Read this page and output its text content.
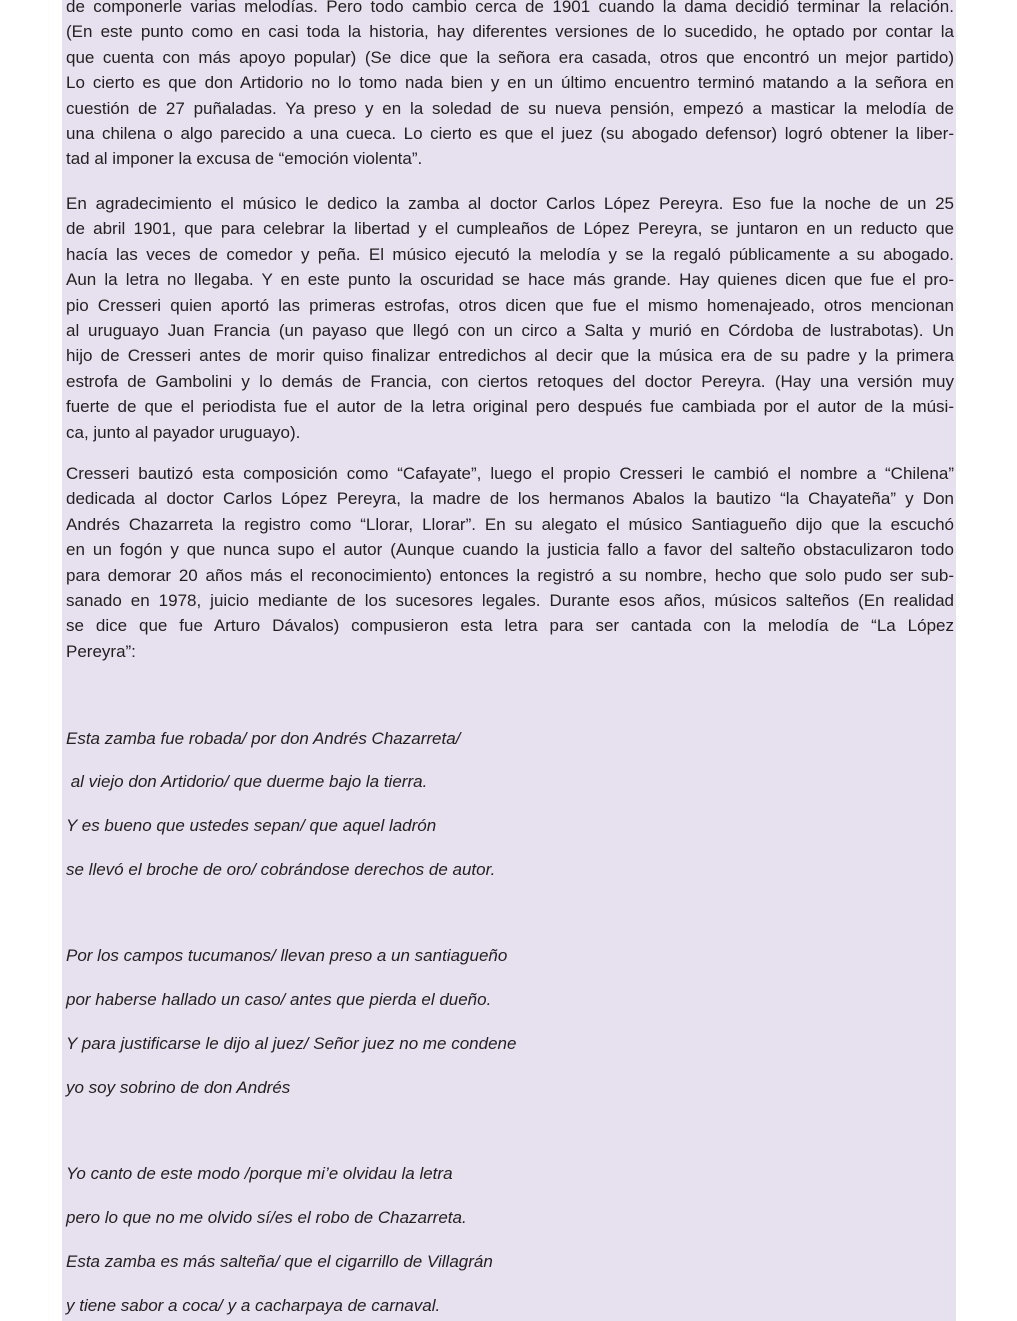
de componerle varias melodías. Pero todo cambio cerca de 1901 cuando la dama decidió terminar la relación.
(En este punto como en casi toda la historia, hay diferentes versiones de lo sucedido, he optado por contar la
que cuenta con más apoyo popular) (Se dice que la señora era casada, otros que encontró un mejor partido)
Lo cierto es que don Artidorio no lo tomo nada bien y en un último encuentro terminó matando a la señora en
cuestión de 27 puñaladas. Ya preso y en la soledad de su nueva pensión, empezó a masticar la melodía de
una chilena o algo parecido a una cueca. Lo cierto es que el juez (su abogado defensor) logró obtener la liber-
tad al imponer la excusa de “emoción violenta”.

En agradecimiento el músico le dedico la zamba al doctor Carlos López Pereyra. Eso fue la noche de un 25
de abril 1901, que para celebrar la libertad y el cumpleaños de López Pereyra, se juntaron en un reducto que
hacía las veces de comedor y peña. El músico ejecutó la melodía y se la regaló públicamente a su abogado.
Aun la letra no llegaba. Y en este punto la oscuridad se hace más grande. Hay quienes dicen que fue el pro-
pio Cresseri quien aportó las primeras estrofas, otros dicen que fue el mismo homenajeado, otros mencionan
al uruguayo Juan Francia (un payaso que llegó con un circo a Salta y murió en Córdoba de lustrabotas). Un
hijo de Cresseri antes de morir quiso finalizar entredichos al decir que la música era de su padre y la primera
estrofa de Gambolini y lo demás de Francia, con ciertos retoques del doctor Pereyra. (Hay una versión muy
fuerte de que el periodista fue el autor de la letra original pero después fue cambiada por el autor de la músi-
ca, junto al payador uruguayo).

Cresseri bautizó esta composición como “Cafayate”, luego el propio Cresseri le cambió el nombre a “Chilena”
dedicada al doctor Carlos López Pereyra, la madre de los hermanos Abalos la bautizo “la Chayateña” y Don
Andrés Chazarreta la registro como “Llorar, Llorar”. En su alegato el músico Santiagueño dijo que la escuchó
en un fogón y que nunca supo el autor (Aunque cuando la justicia fallo a favor del salteño obstaculizaron todo
para demorar 20 años más el reconocimiento) entonces la registró a su nombre, hecho que solo pudo ser sub-
sanado en 1978, juicio mediante de los sucesores legales. Durante esos años, músicos salteños (En realidad
se dice que fue Arturo Dávalos) compusieron esta letra para ser cantada con la melodía de “La López
Pereyra”:

Esta zamba fue robada/ por don Andrés Chazarreta/

al viejo don Artidorio/ que duerme bajo la tierra.

Y es bueno que ustedes sepan/ que aquel ladrón

se llevó el broche de oro/ cobrándose derechos de autor.

Por los campos tucumanos/ llevan preso a un santiagueño

por haberse hallado un caso/ antes que pierda el dueño.

Y para justificarse le dijo al juez/ Señor juez no me condene

yo soy sobrino de don Andrés

Yo canto de este modo /porque mi’e olvidau la letra

pero lo que no me olvido sí/es el robo de Chazarreta.

Esta zamba es más salteña/ que el cigarrillo de Villagrán

y tiene sabor a coca/ y a cacharpaya de carnaval.
